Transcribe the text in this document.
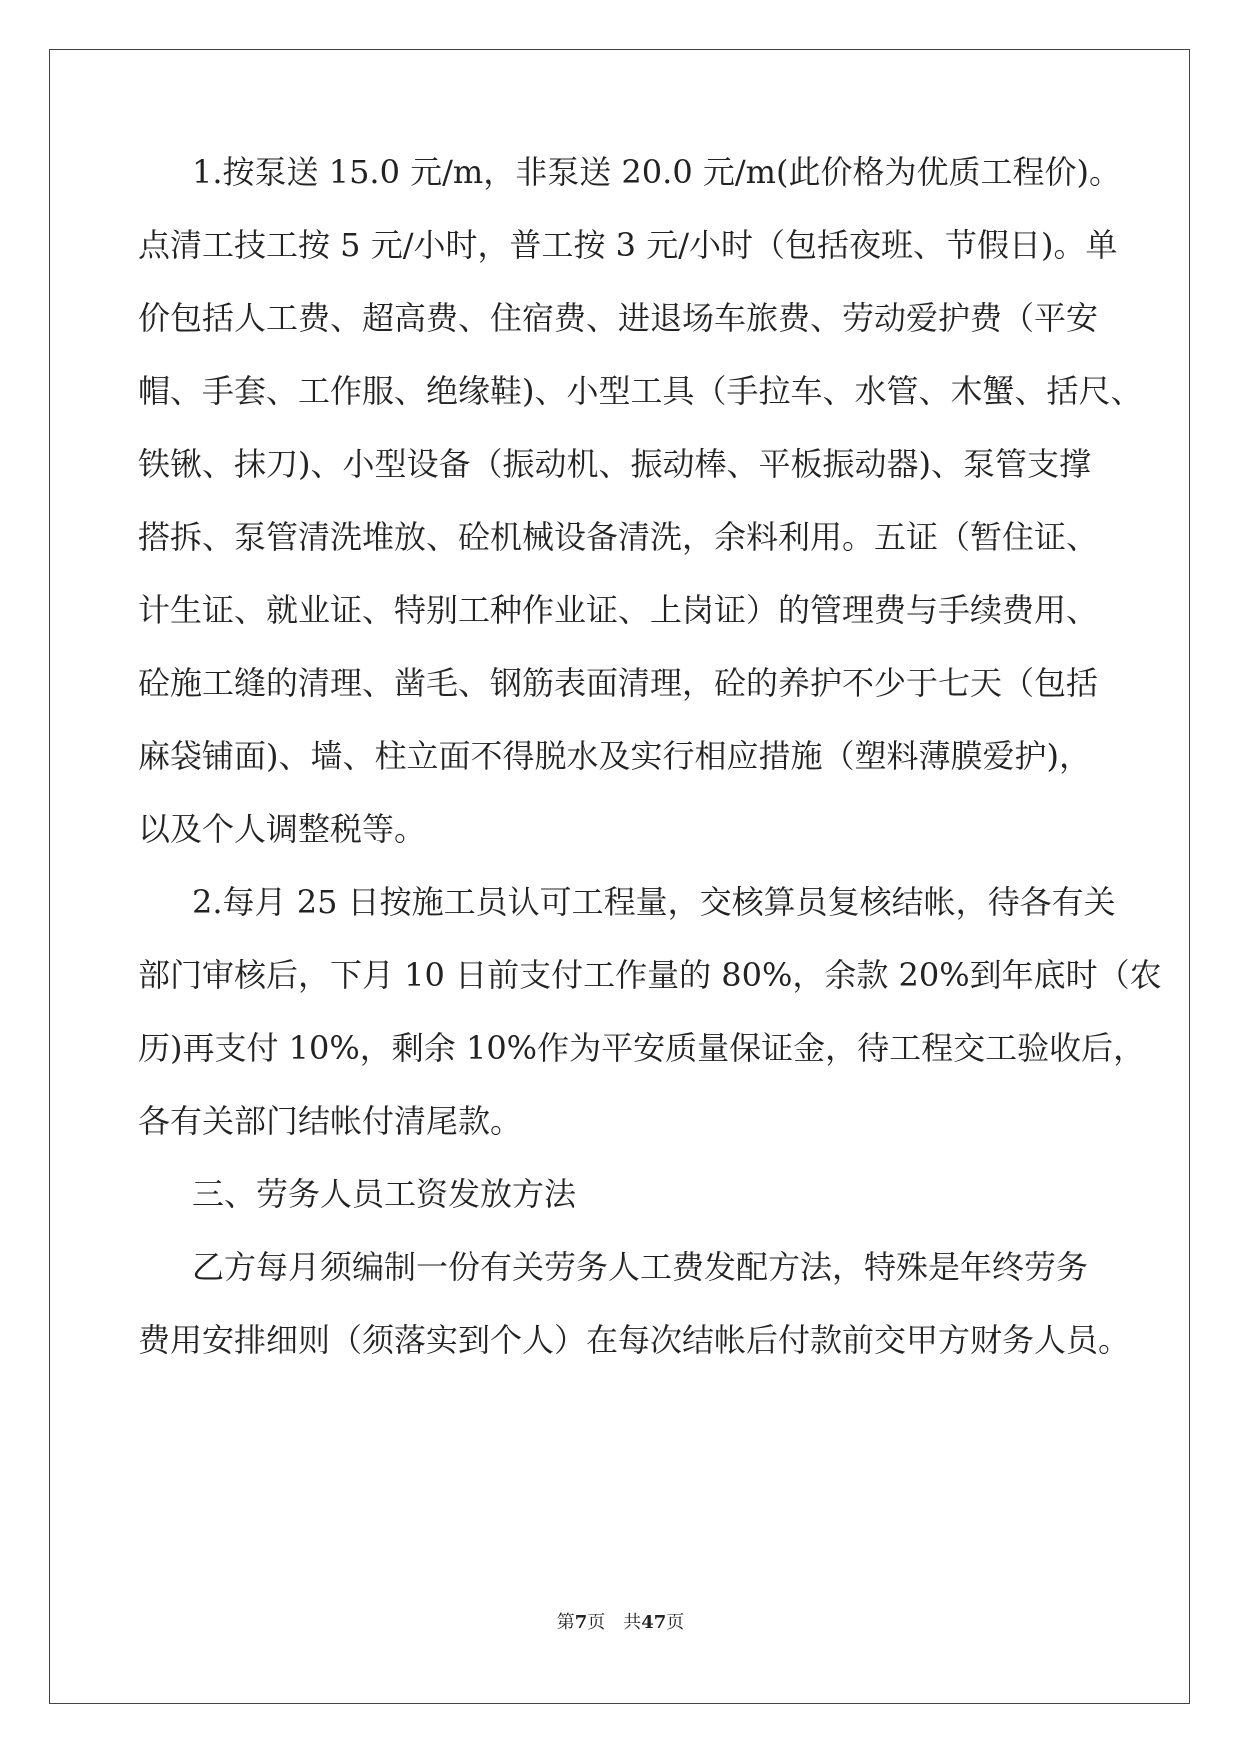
1.按泵送 15.0 元/m，非泵送 20.0 元/m(此价格为优质工程价)。
点清工技工按 5 元/小时，普工按 3 元/小时（包括夜班、节假日)。单
价包括人工费、超高费、住宿费、进退场车旅费、劳动爱护费（平安
帽、手套、工作服、绝缘鞋)、小型工具（手拉车、水管、木蟹、括尺、
铁锹、抹刀)、小型设备（振动机、振动棒、平板振动器)、泵管支撑
搭拆、泵管清洗堆放、砼机械设备清洗，余料利用。五证（暂住证、
计生证、就业证、特别工种作业证、上岗证）的管理费与手续费用、
砼施工缝的清理、凿毛、钢筋表面清理，砼的养护不少于七天（包括
麻袋铺面)、墙、柱立面不得脱水及实行相应措施（塑料薄膜爱护)，
以及个人调整税等。
2.每月 25 日按施工员认可工程量，交核算员复核结帐，待各有关
部门审核后，下月 10 日前支付工作量的 80%，余款 20%到年底时（农
历)再支付 10%，剩余 10%作为平安质量保证金，待工程交工验收后，
各有关部门结帐付清尾款。
三、劳务人员工资发放方法
乙方每月须编制一份有关劳务人工费发配方法，特殊是年终劳务
费用安排细则（须落实到个人）在每次结帐后付款前交甲方财务人员。
第7页　共47页
